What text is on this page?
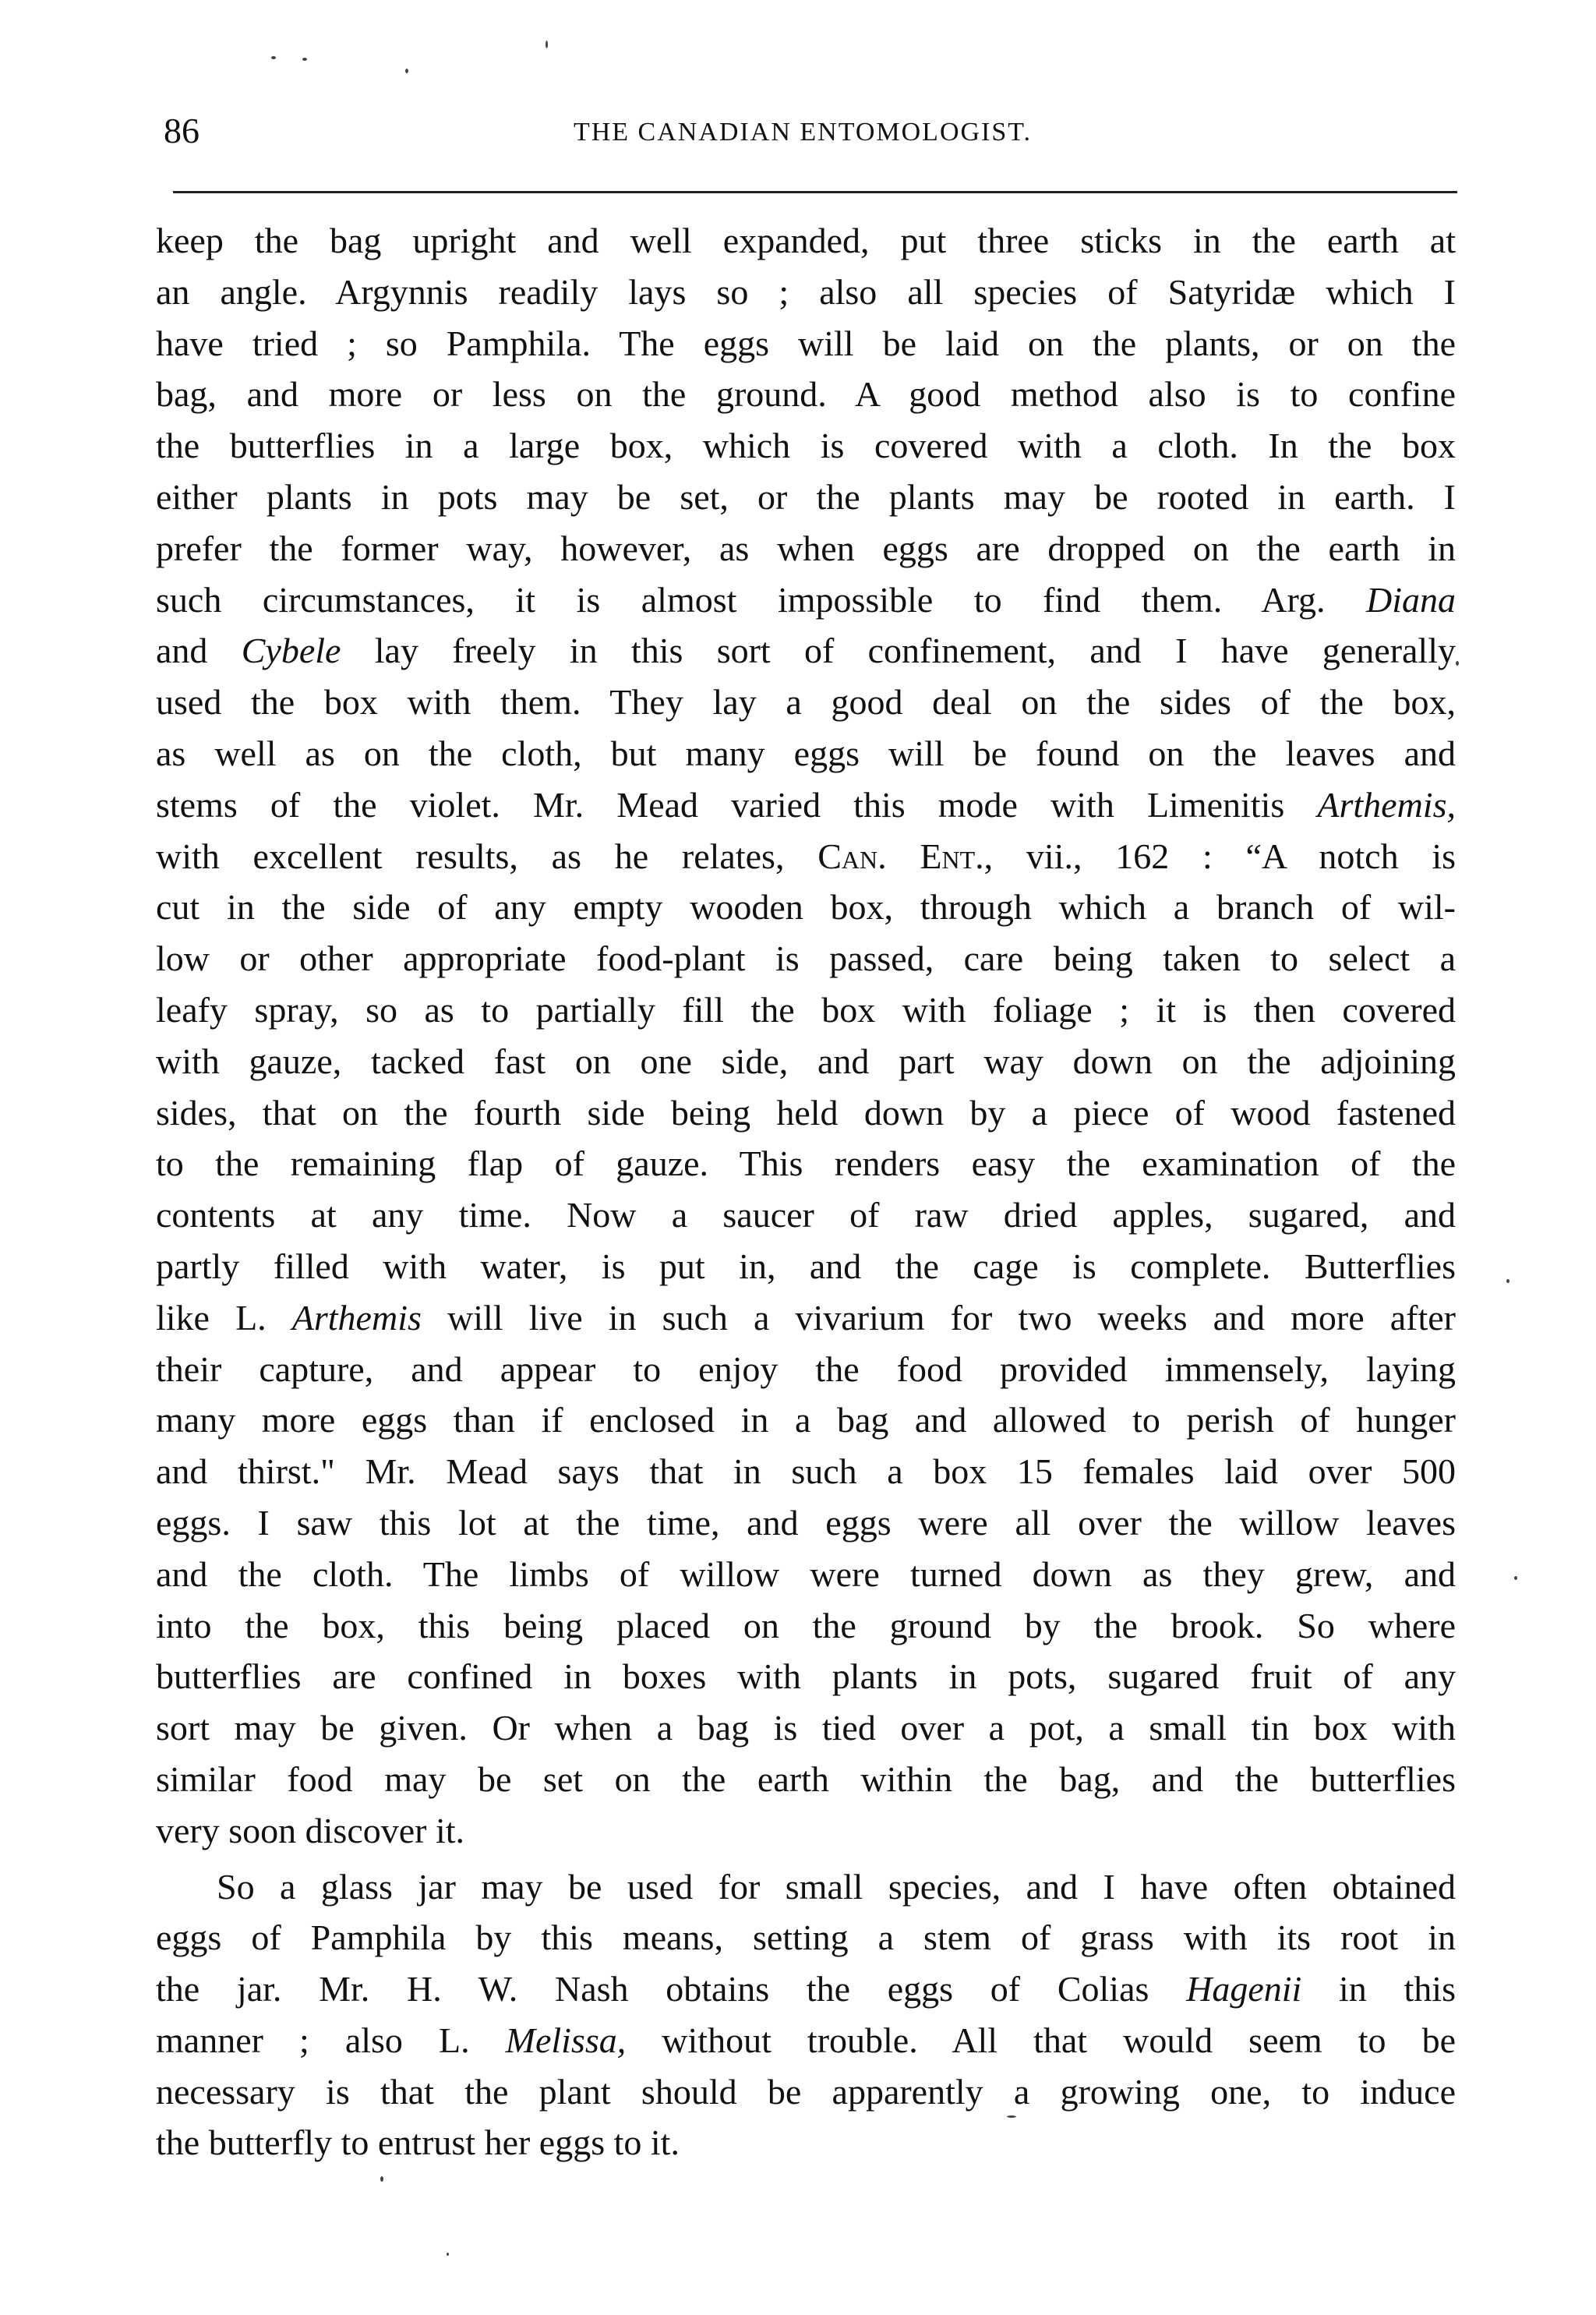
86	THE CANADIAN ENTOMOLOGIST.
keep the bag upright and well expanded, put three sticks in the earth at
an angle. Argynnis readily lays so ; also all species of Satyridæ which I
have tried ; so Pamphila. The eggs will be laid on the plants, or on the
bag, and more or less on the ground. A good method also is to confine
the butterflies in a large box, which is covered with a cloth. In the box
either plants in pots may be set, or the plants may be rooted in earth. I
prefer the former way, however, as when eggs are dropped on the earth in
such circumstances, it is almost impossible to find them. Arg. Diana
and Cybele lay freely in this sort of confinement, and I have generally
used the box with them. They lay a good deal on the sides of the box,
as well as on the cloth, but many eggs will be found on the leaves and
stems of the violet. Mr. Mead varied this mode with Limenitis Arthemis,
with excellent results, as he relates, Can. Ent., vii., 162 : “A notch is
cut in the side of any empty wooden box, through which a branch of wil-
low or other appropriate food-plant is passed, care being taken to select a
leafy spray, so as to partially fill the box with foliage ; it is then covered
with gauze, tacked fast on one side, and part way down on the adjoining
sides, that on the fourth side being held down by a piece of wood fastened
to the remaining flap of gauze. This renders easy the examination of the
contents at any time. Now a saucer of raw dried apples, sugared, and
partly filled with water, is put in, and the cage is complete. Butterflies
like L. Arthemis will live in such a vivarium for two weeks and more after
their capture, and appear to enjoy the food provided immensely, laying
many more eggs than if enclosed in a bag and allowed to perish of hunger
and thirst." Mr. Mead says that in such a box 15 females laid over 500
eggs. I saw this lot at the time, and eggs were all over the willow leaves
and the cloth. The limbs of willow were turned down as they grew, and
into the box, this being placed on the ground by the brook. So where
butterflies are confined in boxes with plants in pots, sugared fruit of any
sort may be given. Or when a bag is tied over a pot, a small tin box with
similar food may be set on the earth within the bag, and the butterflies
very soon discover it.
So a glass jar may be used for small species, and I have often obtained
eggs of Pamphila by this means, setting a stem of grass with its root in
the jar. Mr. H. W. Nash obtains the eggs of Colias Hagenii in this
manner ; also L. Melissa, without trouble. All that would seem to be
necessary is that the plant should be apparently a growing one, to induce
the butterfly to entrust her eggs to it.
